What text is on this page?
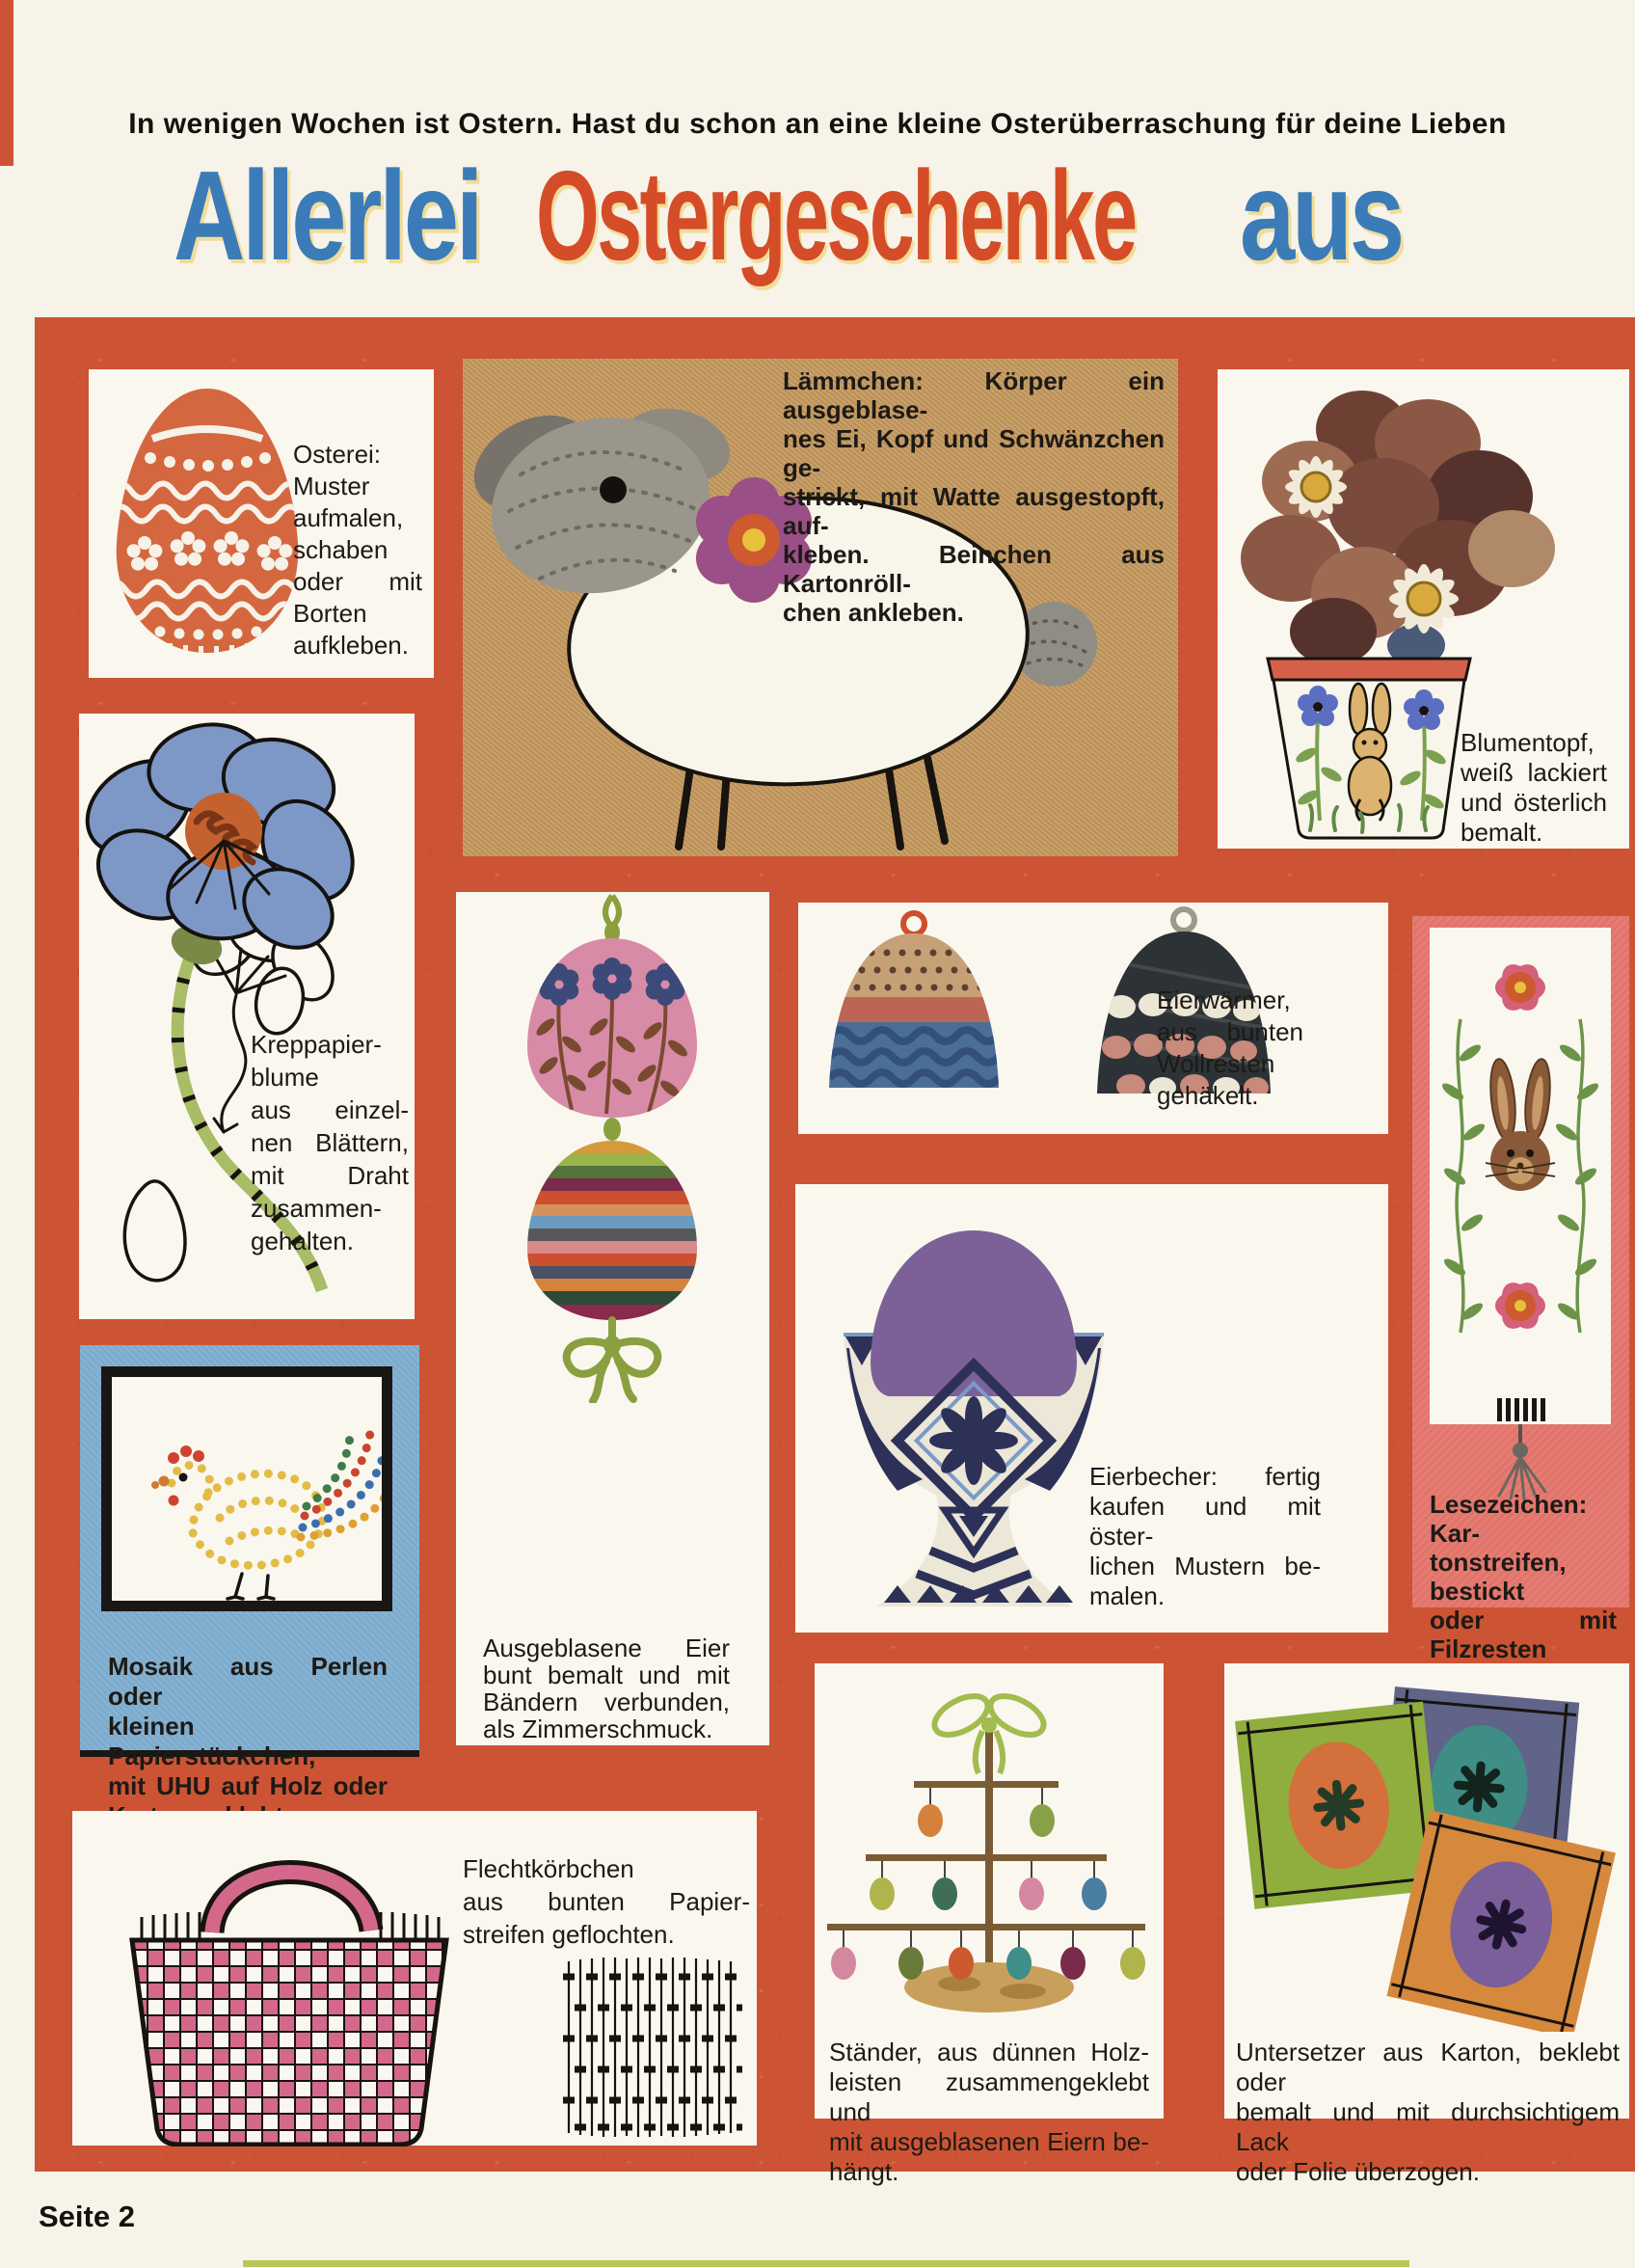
In wenigen Wochen ist Ostern. Hast du schon an eine kleine Osterüberraschung für deine Lieben
Allerlei Ostergeschenke aus
Osterei:
Muster
aufmalen,
schaben
oder mit
Borten
aufkleben.
Lämmchen: Körper ein ausgeblase-
nes Ei, Kopf und Schwänzchen ge-
strickt, mit Watte ausgestopft, auf-
kleben. Beinchen aus Kartonröll-
chen ankleben.
Blumentopf,
weiß lackiert
und österlich
bemalt.
Kreppapier-
blume
aus einzel-
nen Blättern,
mit Draht
zusammen-
gehalten.
Ausgeblasene Eier
bunt bemalt und mit
Bändern verbunden,
als Zimmerschmuck.
Eierwärmer,
aus bunten
Wollresten
gehäkelt.
Eierbecher: fertig
kaufen und mit öster-
lichen Mustern be-
malen.
Lesezeichen: Kar-
tonstreifen, bestickt
oder mit Filzresten
Mosaik aus Perlen oder
kleinen Papierstückchen,
mit UHU auf Holz oder
Flechtkörbchen
aus bunten Papier-
streifen geflochten.
Ständer, aus dünnen Holz-
leisten zusammengeklebt und
mit ausgeblasenen Eiern be-
hängt.
Untersetzer aus Karton, beklebt oder
bemalt und mit durchsichtigem Lack
oder Folie überzogen.
Seite 2
